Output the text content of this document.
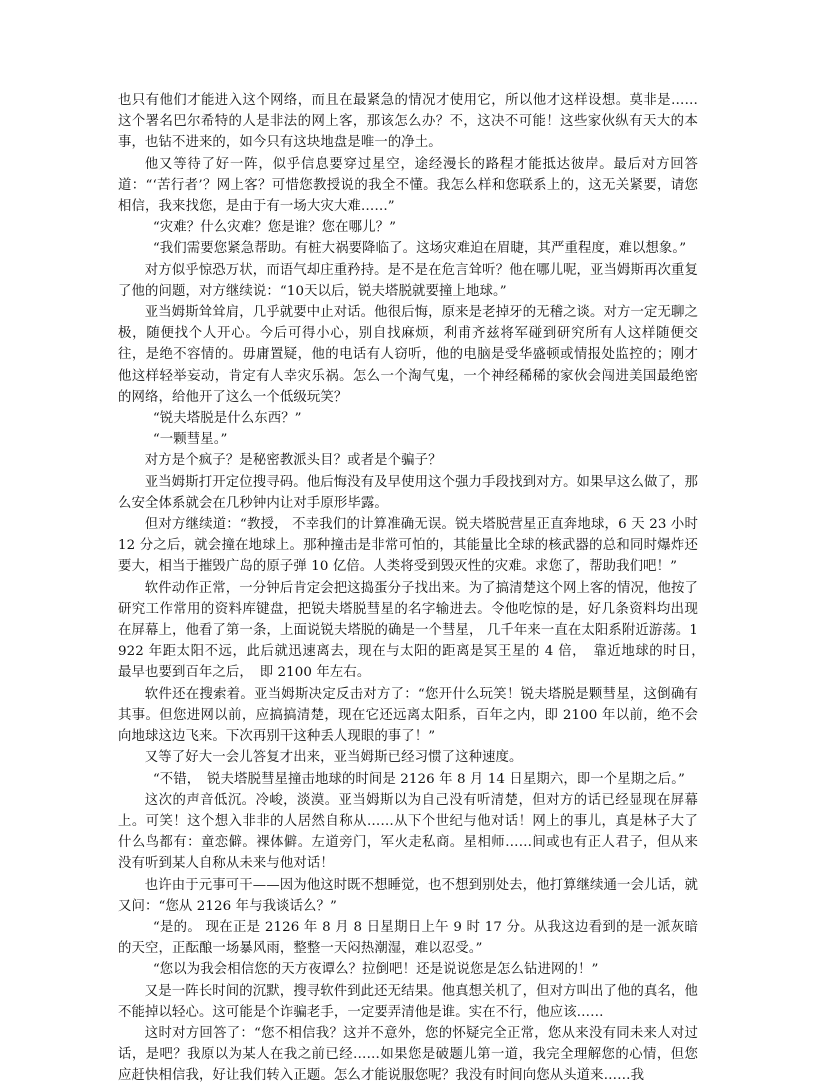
也只有他们才能进入这个网络，而且在最紧急的情况才使用它，所以他才这样设想。莫非是……这个署名巴尔希特的人是非法的网上客，那该怎么办？不，这决不可能！这些家伙纵有天大的本事，也钻不进来的，如今只有这块地盘是唯一的净土。

他又等待了好一阵，似乎信息要穿过星空，途经漫长的路程才能抵达彼岸。最后对方回答道：“‘苦行者’？网上客？可惜您教授说的我全不懂。我怎么样和您联系上的，这无关紧要，请您相信，我来找您，是由于有一场大灾大难……”

“灾难？什么灾难？您是谁？您在哪儿？”

“我们需要您紧急帮助。有桩大祸要降临了。这场灾难迫在眉睫，其严重程度，难以想象。”

对方似乎惊恐万状，而语气却庄重矜持。是不是在危言耸听？他在哪儿呢，亚当姆斯再次重复了他的问题，对方继续说：“10天以后，锐夫塔脱就要撞上地球。”

亚当姆斯耸耸肩，几乎就要中止对话。他很后悔，原来是老掉牙的无稽之谈。对方一定无聊之极，随便找个人开心。今后可得小心，别自找麻烦，利甫齐兹将军碰到研究所有人这样随便交往，是绝不容情的。毋庸置疑，他的电话有人窃听，他的电脑是受华盛顿或情报处监控的；刚才他这样轻举妄动，肯定有人幸灾乐祸。怎么一个淘气鬼，一个神经稀稀的家伙会闯进美国最绝密的网络，给他开了这么一个低级玩笑？

“锐夫塔脱是什么东西？”

“一颗彗星。”

对方是个疯子？是秘密教派头目？或者是个骗子？

亚当姆斯打开定位搜寻码。他后悔没有及早使用这个强力手段找到对方。如果早这么做了，那么安全体系就会在几秒钟内让对手原形毕露。

但对方继续道：“教授， 不幸我们的计算准确无误。锐夫塔脱营星正直奔地球，6 天 23 小时 12 分之后，就会撞在地球上。那种撞击是非常可怕的，其能量比全球的核武器的总和同时爆炸还要大，相当于摧毁广岛的原子弹 10 亿倍。人类将受到毁灭性的灾难。求您了，帮助我们吧！”

软件动作正常，一分钟后肯定会把这捣蛋分子找出来。为了搞清楚这个网上客的情况，他按了研究工作常用的资料库键盘，把锐夫塔脱彗星的名字输进去。令他吃惊的是，好几条资料均出现在屏幕上，他看了第一条，上面说锐夫塔脱的确是一个彗星， 几千年来一直在太阳系附近游荡。1922 年距太阳不远，此后就迅速离去，现在与太阳的距离是冥王星的 4 倍，　靠近地球的时日，　最早也要到百年之后，　即 2100 年左右。

软件还在搜索着。亚当姆斯决定反击对方了：“您开什么玩笑！锐夫塔脱是颗彗星，这倒确有其事。但您进网以前，应搞搞清楚，现在它还远离太阳系，百年之内，即 2100 年以前，绝不会向地球这边飞来。下次再别干这种丢人现眼的事了！”

又等了好大一会儿答复才出来，亚当姆斯已经习惯了这种速度。

“不错，　锐夫塔脱彗星撞击地球的时间是 2126 年 8 月 14 日星期六，即一个星期之后。”

这次的声音低沉。冷峻，淡漠。亚当姆斯以为自己没有听清楚，但对方的话已经显现在屏幕上。可笑！这个想入非非的人居然自称从……从下个世纪与他对话！网上的事儿，真是林子大了什么鸟都有：童恋僻。裸体僻。左道旁门，军火走私商。星相师……间或也有正人君子，但从来没有听到某人自称从未来与他对话！

也许由于元事可干——因为他这时既不想睡觉，也不想到别处去，他打算继续通一会儿话，就又问：“您从 2126 年与我谈话么？”

“是的。 现在正是 2126 年 8 月 8 日星期日上午 9 时 17 分。从我这边看到的是一派灰暗的天空，正酝酿一场暴风雨，整整一天闷热潮湿，难以忍受。”

“您以为我会相信您的天方夜谭么？拉倒吧！还是说说您是怎么钻进网的！”

又是一阵长时间的沉默，搜寻软件到此还无结果。他真想关机了，但对方叫出了他的真名，他不能掉以轻心。这可能是个诈骗老手，一定要弄清他是谁。实在不行，他应该……

这时对方回答了：“您不相信我？这并不意外，您的怀疑完全正常，您从来没有同未来人对过话，是吧？我原以为某人在我之前已经……如果您是破题儿第一道，我完全理解您的心情，但您应赶快相信我，好让我们转入正题。怎么才能说服您呢？我没有时间向您从头道来……我
